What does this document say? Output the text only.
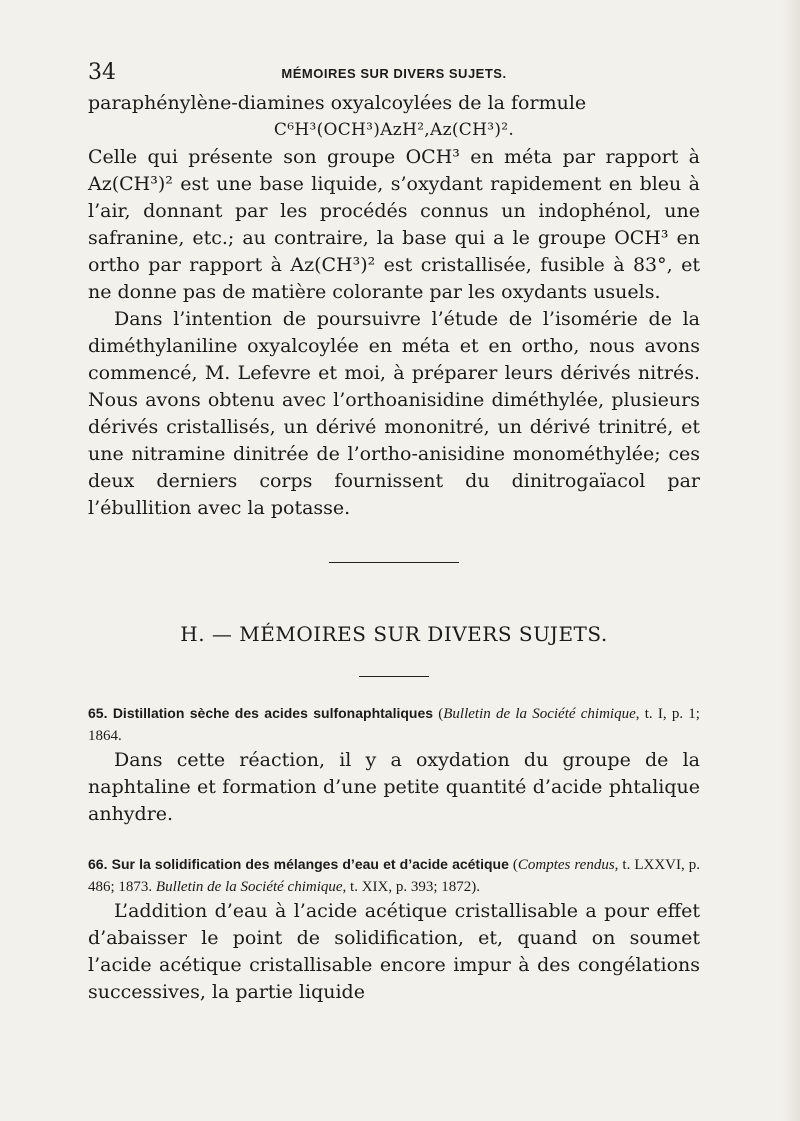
34	MÉMOIRES SUR DIVERS SUJETS.

paraphénylène-diamines oxyalcoylées de la formule

C⁶H³(OCH³)AzH²,Az(CH³)².

Celle qui présente son groupe OCH³ en méta par rapport à Az(CH³)² est une base liquide, s’oxydant rapidement en bleu à l’air, donnant par les procédés connus un indophénol, une safranine, etc.; au contraire, la base qui a le groupe OCH³ en ortho par rapport à Az(CH³)² est cristallisée, fusible à 83°, et ne donne pas de matière colorante par les oxydants usuels.

Dans l’intention de poursuivre l’étude de l’isomérie de la diméthylaniline oxyalcoylée en méta et en ortho, nous avons commencé, M. Lefevre et moi, à préparer leurs dérivés nitrés. Nous avons obtenu avec l’orthoanisidine diméthylée, plusieurs dérivés cristallisés, un dérivé mononitré, un dérivé trinitré, et une nitramine dinitrée de l’ortho-anisidine monométhylée; ces deux derniers corps fournissent du dinitrogaïacol par l’ébullition avec la potasse.

H. — MÉMOIRES SUR DIVERS SUJETS.
65. Distillation sèche des acides sulfonaphtaliques (Bulletin de la Société chimique, t. I, p. 1; 1864.

Dans cette réaction, il y a oxydation du groupe de la naphtaline et formation d’une petite quantité d’acide phtalique anhydre.

66. Sur la solidification des mélanges d’eau et d’acide acétique (Comptes rendus, t. LXXVI, p. 486; 1873. Bulletin de la Société chimique, t. XIX, p. 393; 1872).

L’addition d’eau à l’acide acétique cristallisable a pour effet d’abaisser le point de solidification, et, quand on soumet l’acide acétique cristallisable encore impur à des congélations successives, la partie liquide
